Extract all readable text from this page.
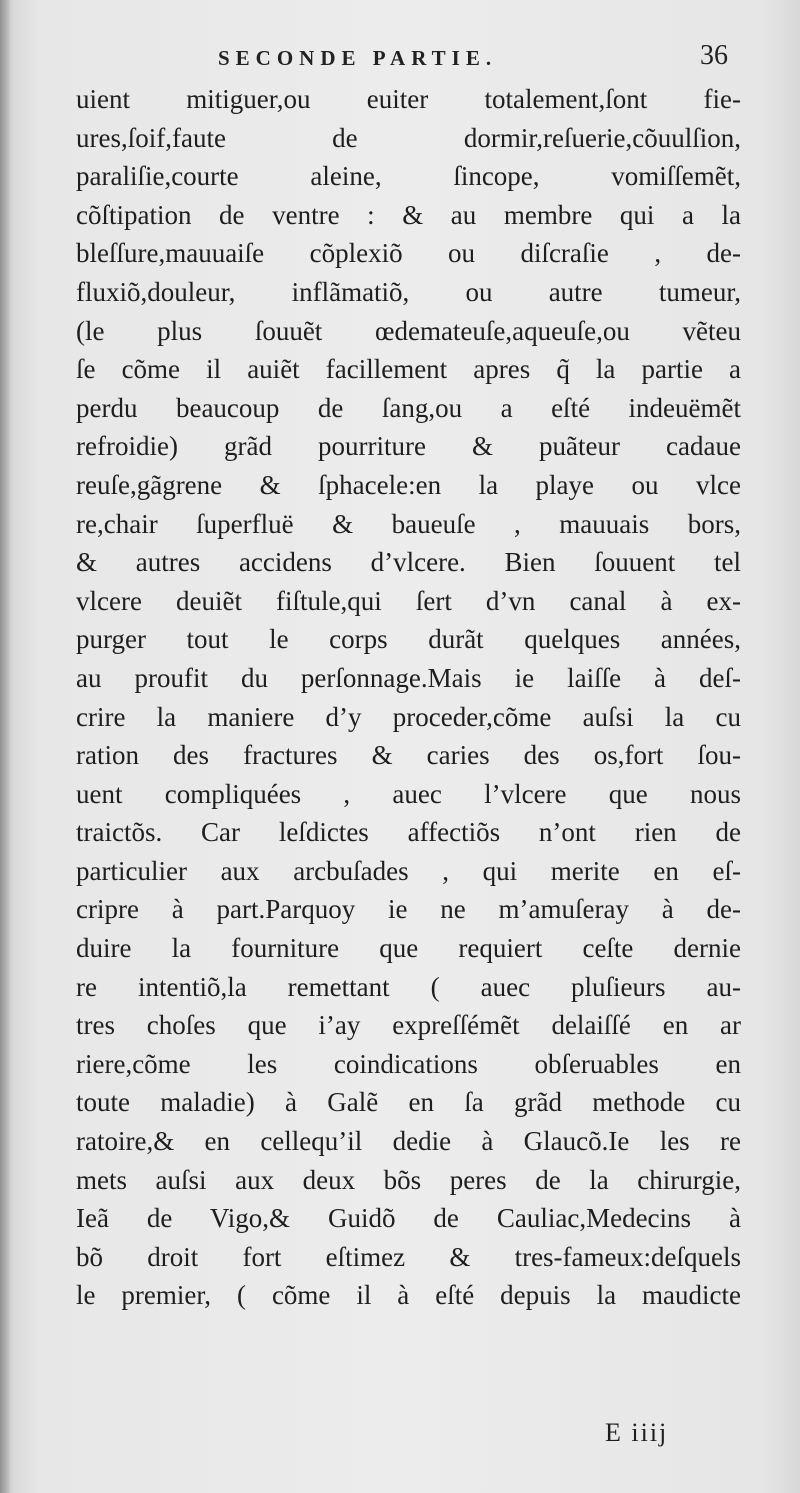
SECONDE PARTIE.	36
uient mitiguer,ou euiter totalement,ſont fie-
ures,ſoif,faute de dormir,reſuerie,cõuulſion,
paraliſie,courte aleine, ſincope, vomiſſemẽt,
cõſtipation de ventre : & au membre qui a la
bleſſure,mauuaiſe cõplexiõ ou diſcraſie , de-
fluxiõ,douleur, inflãmatiõ, ou autre tumeur,
(le plus ſouuẽt œdemateuſe,aqueuſe,ou vẽteu
ſe cõme il auiẽt facillement apres q̃ la partie a
perdu beaucoup de ſang,ou a eſté indeuëmẽt
refroidie) grãd pourriture & puãteur cadaue
reuſe,gãgrene & ſphacele:en la playe ou vlce
re,chair ſuperfluë & baueuſe , mauuais bors,
& autres accidens d’vlcere. Bien ſouuent tel
vlcere deuiẽt fiſtule,qui ſert d’vn canal à ex-
purger tout le corps durãt quelques années,
au proufit du perſonnage.Mais ie laiſſe à deſ-
crire la maniere d’y proceder,cõme auſsi la cu
ration des fractures & caries des os,fort ſou-
uent compliquées , auec l’vlcere que nous
traictõs. Car leſdictes affectiõs n’ont rien de
particulier aux arcbuſades , qui merite en eſ-
cripre à part.Parquoy ie ne m’amuſeray à de-
duire la fourniture que requiert ceſte dernie
re intentiõ,la remettant ( auec pluſieurs au-
tres choſes que i’ay expreſſémẽt delaiſſé en ar
riere,cõme les coindications obſeruables en
toute maladie) à Galẽ en ſa grãd methode cu
ratoire,& en cellequ’il dedie à Glaucõ.Ie les re
mets auſsi aux deux bõs peres de la chirurgie,
Ieã de Vigo,& Guidõ de Cauliac,Medecins à
bõ droit fort eſtimez & tres-fameux:deſquels
le premier, ( cõme il à eſté depuis la maudicte
E iiij
